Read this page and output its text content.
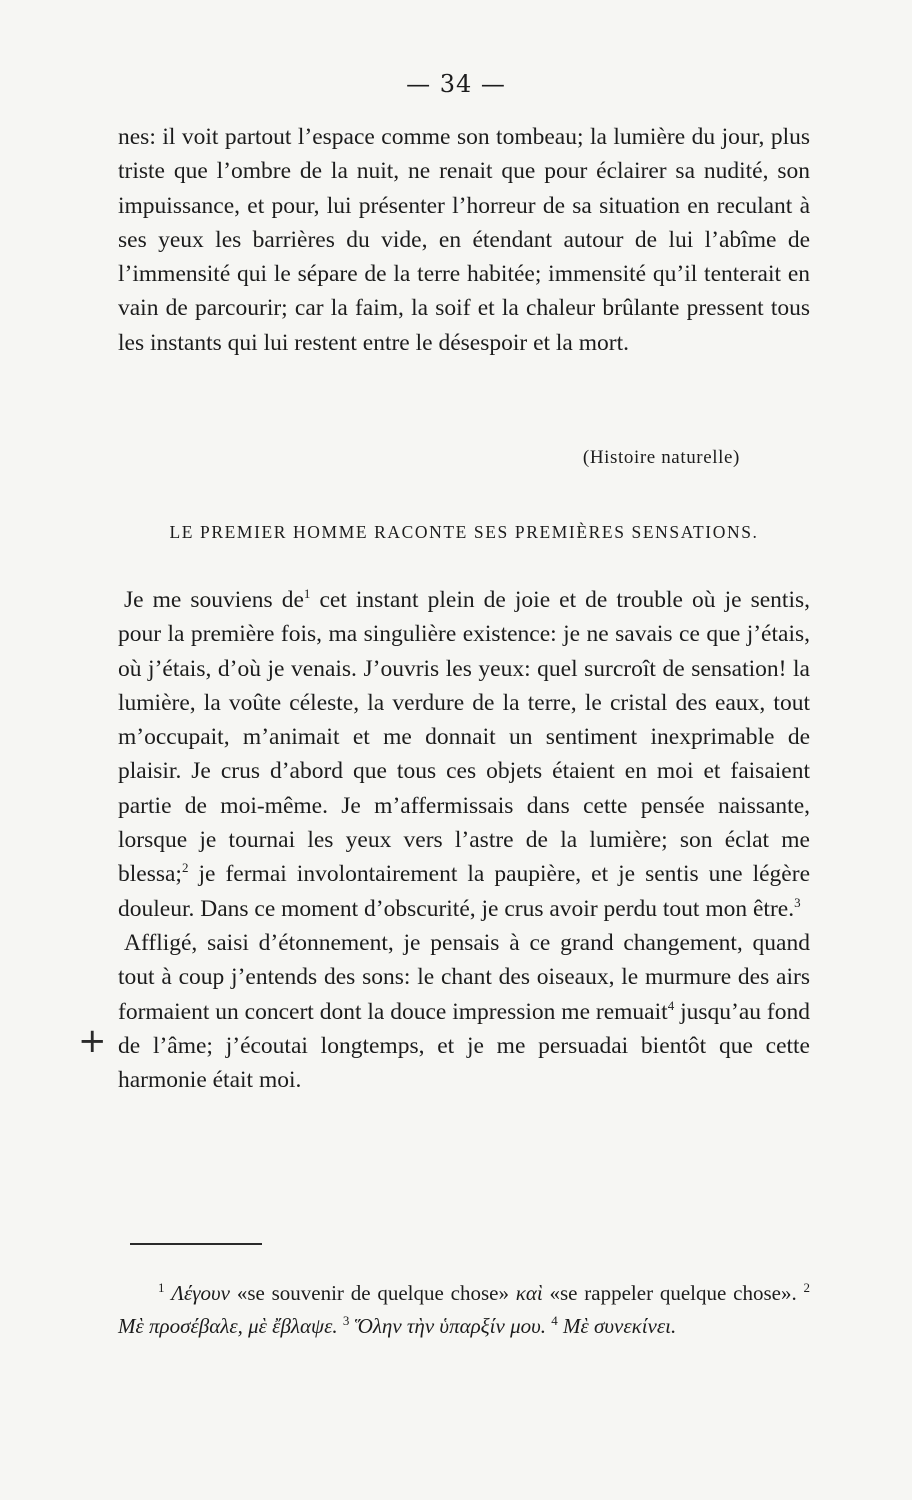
— 34 —

nes: il voit partout l’espace comme son tombeau; la lumière du jour, plus triste que l’ombre de la nuit, ne renait que pour éclairer sa nudité, son impuissance, et pour, lui présenter l’horreur de sa situation en reculant à ses yeux les barrières du vide, en étendant autour de lui l’abîme de l’immensité qui le sépare de la terre habitée; immensité qu’il tenterait en vain de parcourir; car la faim, la soif et la chaleur brûlante pressent tous les instants qui lui restent entre le désespoir et la mort.

(Histoire naturelle)
LE PREMIER HOMME RACONTE SES PREMIÈRES SENSATIONS.

Je me souviens $de^1$ cet instant plein de joie et de trouble où je sentis, pour la première fois, ma singulière existence: je ne savais ce que j’étais, où j’étais, d’où je venais. J’ouvris les yeux: quel surcroît de sensation! la lumière, la voûte céleste, la verdure de la terre, le cristal des eaux, tout m’occupait, m’animait et me donnait un sentiment inexprimable de plaisir. Je crus d’abord que tous ces objets étaient en moi et faisaient partie de moi-même. Je m’affermissais dans cette pensée naissante, lorsque je tournai les yeux vers l’astre de la lumière; son éclat me blessa;$^2$ je fermai involontairement la paupière, et je sentis une légère douleur. Dans ce moment d’obscurité, je crus avoir perdu tout mon être.$^3$

Affligé, saisi d’étonnement, je pensais à ce grand changement, quand tout à coup j’entends des sons: le chant des oiseaux, le murmure des airs formaient un concert dont la douce impression me remuait$^4$ jusqu’au fond de l’âme; j’écoutai longtemps, et je me persuadai bientôt que cette harmonie était moi.

+

$^1$ Λέγουν «se souvenir de quelque chose» καὶ «se rappeler quelque chose». $^2$ Μὲ προσέβαλε, μὲ ἔβλαψε. $^3$ Ὅλην τὴν ὑπαρξίν μου. $^4$ Μὲ συνεκίνει.
